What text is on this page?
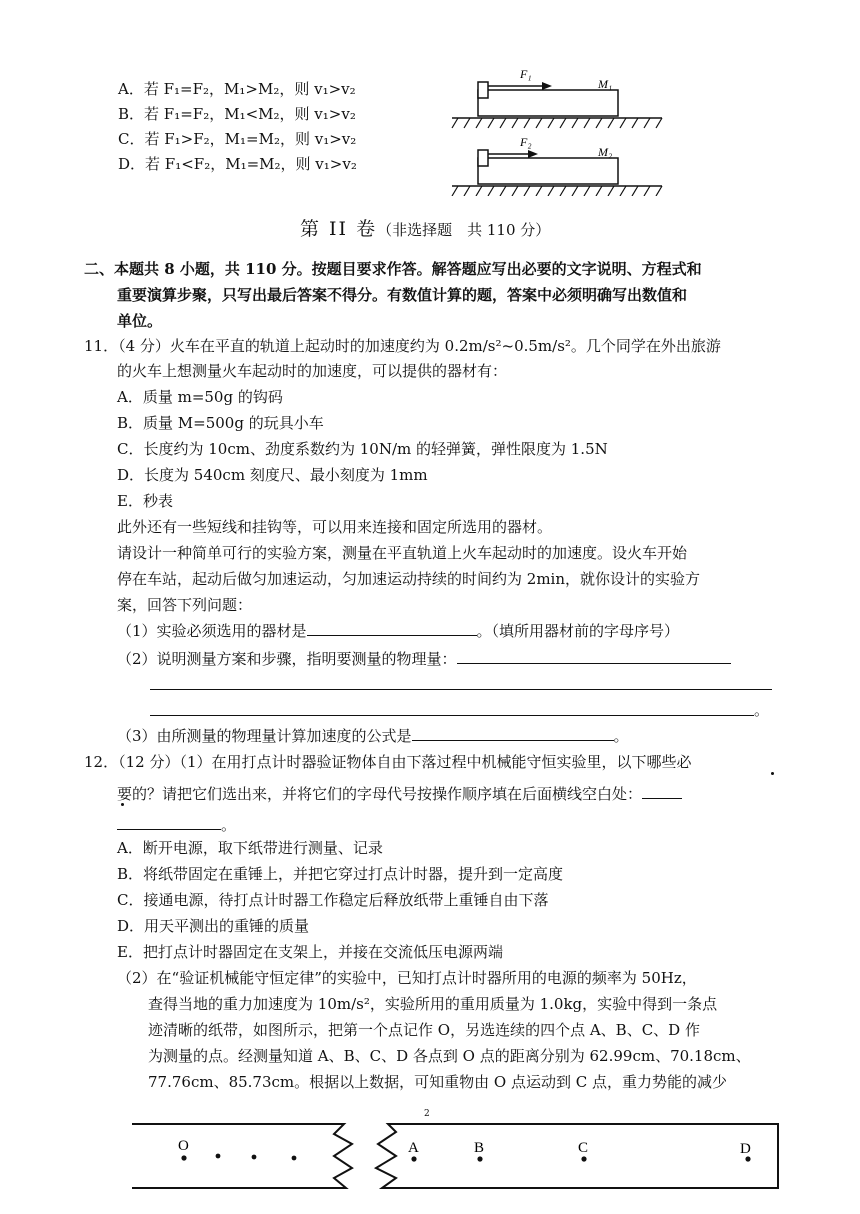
A．若 F₁=F₂，M₁>M₂，则 v₁>v₂
B．若 F₁=F₂，M₁<M₂，则 v₁>v₂
C．若 F₁>F₂，M₁=M₂，则 v₁>v₂
D．若 F₁<F₂，M₁=M₂，则 v₁>v₂
F₁
M₁
F₂
M₂
第 II 卷（非选择题　共 110 分）
二、本题共 8 小题，共 110 分。按题目要求作答。解答题应写出必要的文字说明、方程式和
重要演算步聚，只写出最后答案不得分。有数值计算的题，答案中必须明确写出数值和
单位。
11．（4 分）火车在平直的轨道上起动时的加速度约为 0.2m/s²~0.5m/s²。几个同学在外出旅游
的火车上想测量火车起动时的加速度，可以提供的器材有：
A．质量 m=50g 的钩码
B．质量 M=500g 的玩具小车
C．长度约为 10cm、劲度系数约为 10N/m 的轻弹簧，弹性限度为 1.5N
D．长度为 540cm 刻度尺、最小刻度为 1mm
E．秒表
此外还有一些短线和挂钩等，可以用来连接和固定所选用的器材。
请设计一种简单可行的实验方案，测量在平直轨道上火车起动时的加速度。设火车开始
停在车站，起动后做匀加速运动，匀加速运动持续的时间约为 2min，就你设计的实验方
案，回答下列问题：
（1）实验必须选用的器材是	。（填所用器材前的字母序号）
（2）说明测量方案和步骤，指明要测量的物理量：
。
（3）由所测量的物理量计算加速度的公式是	。
12．（12 分）（1）在用打点计时器验证物体自由下落过程中机械能守恒实验里，以下哪些必
要的？请把它们选出来，并将它们的字母代号按操作顺序填在后面横线空白处：
。
A．断开电源，取下纸带进行测量、记录
B．将纸带固定在重锤上，并把它穿过打点计时器，提升到一定高度
C．接通电源，待打点计时器工作稳定后释放纸带上重锤自由下落
D．用天平测出的重锤的质量
E．把打点计时器固定在支架上，并接在交流低压电源两端
（2）在“验证机械能守恒定律”的实验中，已知打点计时器所用的电源的频率为 50Hz，
查得当地的重力加速度为 10m/s²，实验所用的重用质量为 1.0kg，实验中得到一条点
迹清晰的纸带，如图所示，把第一个点记作 O，另选连续的四个点 A、B、C、D 作
为测量的点。经测量知道 A、B、C、D 各点到 O 点的距离分别为 62.99cm、70.18cm、
77.76cm、85.73cm。根据以上数据，可知重物由 O 点运动到 C 点，重力势能的减少
2
O	A	B	C	D
